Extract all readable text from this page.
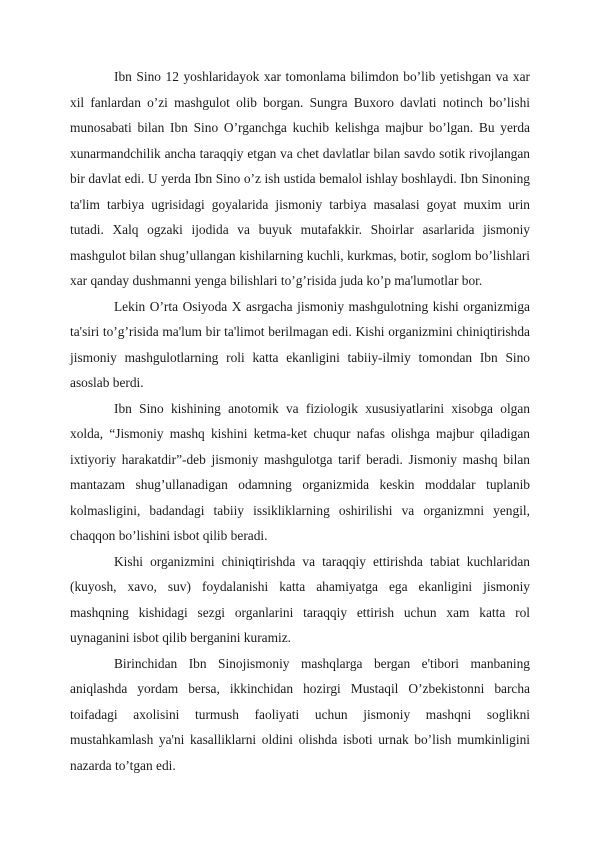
Ibn Sino 12 yoshlaridayok xar tomonlama bilimdon bo’lib yetishgan va xar xil fanlardan o’zi mashgulot olib borgan. Sungra Buxoro davlati notinch bo’lishi munosabati bilan Ibn Sino O’rganchga kuchib kelishga majbur bo’lgan. Bu yerda xunarmandchilik ancha taraqqiy etgan va chet davlatlar bilan savdo sotik rivojlangan bir davlat edi. U yerda Ibn Sino o’z ish ustida bemalol ishlay boshlaydi. Ibn Sinoning ta'lim tarbiya ugrisidagi goyalarida jismoniy tarbiya masalasi goyat muxim urin tutadi. Xalq ogzaki ijodida va buyuk mutafakkir. Shoirlar asarlarida jismoniy mashgulot bilan shug’ullangan kishilarning kuchli, kurkmas, botir, soglom bo’lishlari xar qanday dushmanni yenga bilishlari to’g’risida juda ko’p ma'lumotlar bor.

Lekin O’rta Osiyoda X asrgacha jismoniy mashgulotning kishi organizmiga ta'siri to’g’risida ma'lum bir ta'limot berilmagan edi. Kishi organizmini chiniqtirishda jismoniy mashgulotlarning roli katta ekanligini tabiiy-ilmiy tomondan Ibn Sino asoslab berdi.

Ibn Sino kishining anotomik va fiziologik xususiyatlarini xisobga olgan xolda, “Jismoniy mashq kishini ketma-ket chuqur nafas olishga majbur qiladigan ixtiyoriy harakatdir”-deb jismoniy mashgulotga tarif beradi. Jismoniy mashq bilan mantazam shug’ullanadigan odamning organizmida keskin moddalar tuplanib kolmasligini, badandagi tabiiy issikliklarning oshirilishi va organizmni yengil, chaqqon bo’lishini isbot qilib beradi.

Kishi organizmini chiniqtirishda va taraqqiy ettirishda tabiat kuchlaridan (kuyosh, xavo, suv) foydalanishi katta ahamiyatga ega ekanligini jismoniy mashqning kishidagi sezgi organlarini taraqqiy ettirish uchun xam katta rol uynaganini isbot qilib berganini kuramiz.

Birinchidan Ibn Sinojismoniy mashqlarga bergan e'tibori manbaning aniqlashda yordam bersa, ikkinchidan hozirgi Mustaqil O’zbekistonni barcha toifadagi axolisini turmush faoliyati uchun jismoniy mashqni soglikni mustahkamlash ya'ni kasalliklarni oldini olishda isboti urnak bo’lish mumkinligini nazarda to’tgan edi.
